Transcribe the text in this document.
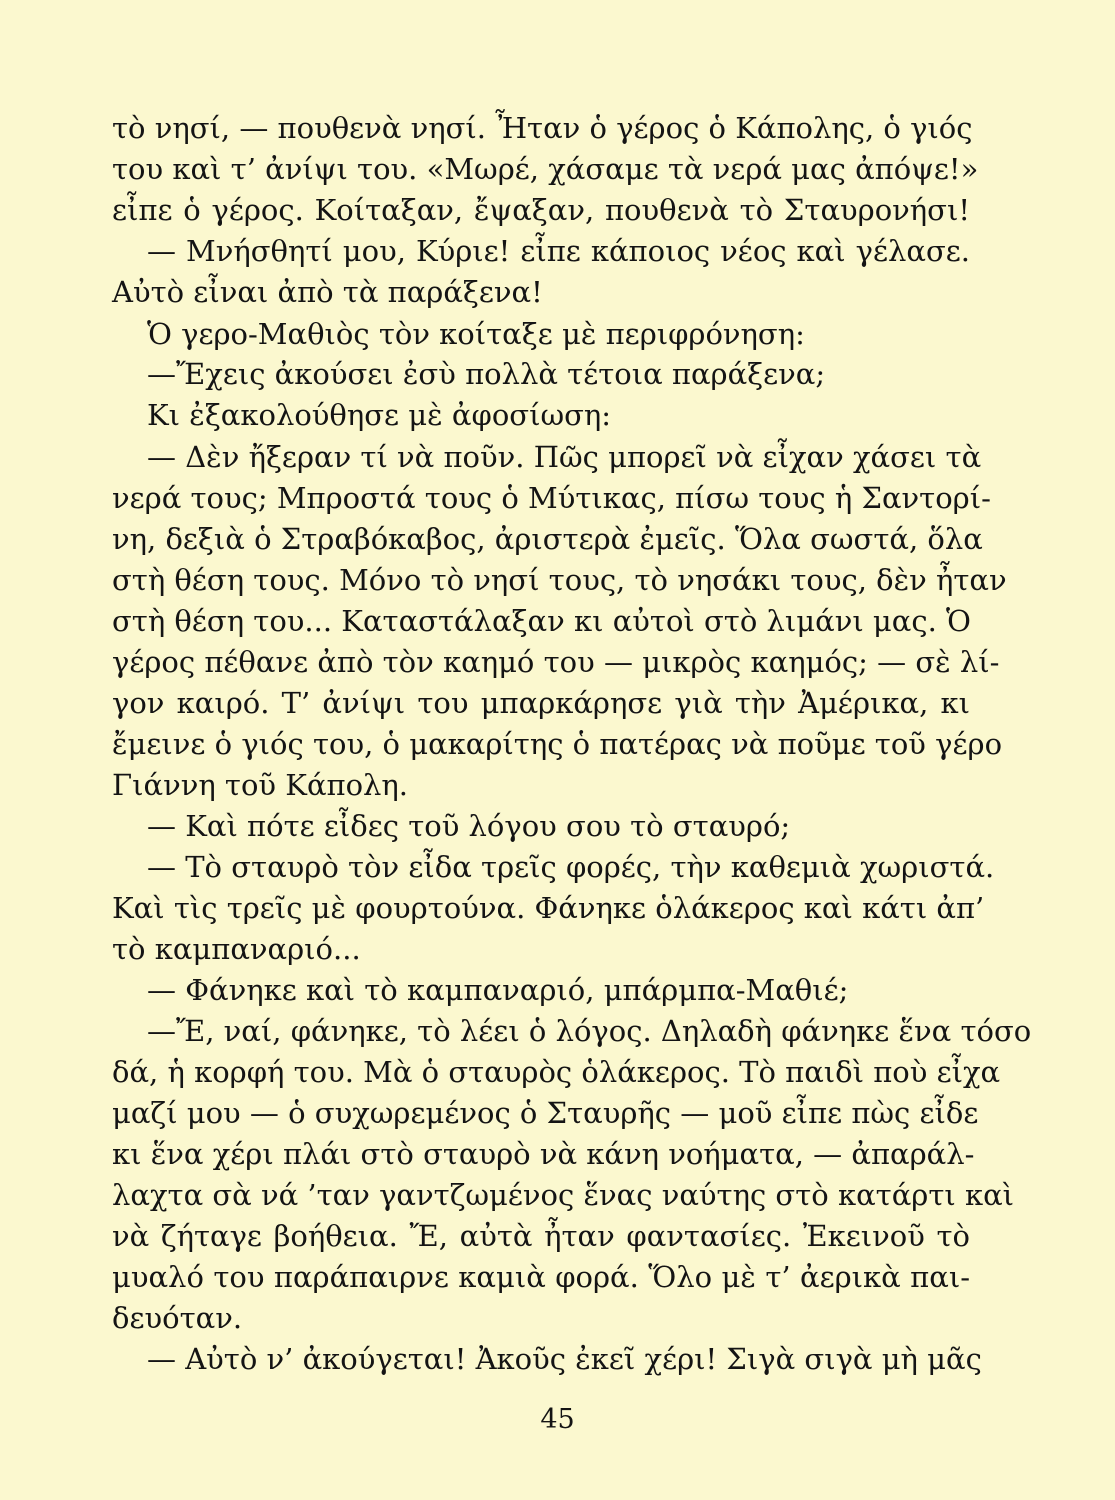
τὸ νησί, — πουθενὰ νησί. Ἦταν ὁ γέρος ὁ Κάπολης, ὁ γιός
του καὶ τ’ ἀνίψι του. «Μωρέ, χάσαμε τὰ νερά μας ἀπόψε!»
εἶπε ὁ γέρος. Κοίταξαν, ἔψαξαν, πουθενὰ τὸ Σταυρονήσι!
— Μνήσθητί μου, Κύριε! εἶπε κάποιος νέος καὶ γέλασε.
Αὐτὸ εἶναι ἀπὸ τὰ παράξενα!
Ὁ γερο-Μαθιὸς τὸν κοίταξε μὲ περιφρόνηση:
—Ἔχεις ἀκούσει ἐσὺ πολλὰ τέτοια παράξενα;
Κι ἐξακολούθησε μὲ ἀφοσίωση:
— Δὲν ἤξεραν τί νὰ ποῦν. Πῶς μπορεῖ νὰ εἶχαν χάσει τὰ
νερά τους; Μπροστά τους ὁ Μύτικας, πίσω τους ἡ Σαντορί-
νη, δεξιὰ ὁ Στραβόκαβος, ἀριστερὰ ἐμεῖς. Ὅλα σωστά, ὅλα
στὴ θέση τους. Μόνο τὸ νησί τους, τὸ νησάκι τους, δὲν ἦταν
στὴ θέση του... Καταστάλαξαν κι αὐτοὶ στὸ λιμάνι μας. Ὁ
γέρος πέθανε ἀπὸ τὸν καημό του — μικρὸς καημός; — σὲ λί-
γον καιρό. Τ’ ἀνίψι του μπαρκάρησε γιὰ τὴν Ἀμέρικα, κι
ἔμεινε ὁ γιός του, ὁ μακαρίτης ὁ πατέρας νὰ ποῦμε τοῦ γέρο
Γιάννη τοῦ Κάπολη.
— Καὶ πότε εἶδες τοῦ λόγου σου τὸ σταυρό;
— Τὸ σταυρὸ τὸν εἶδα τρεῖς φορές, τὴν καθεμιὰ χωριστά.
Καὶ τὶς τρεῖς μὲ φουρτούνα. Φάνηκε ὁλάκερος καὶ κάτι ἀπ’
τὸ καμπαναριό...
— Φάνηκε καὶ τὸ καμπαναριό, μπάρμπα-Μαθιέ;
—Ἔ, ναί, φάνηκε, τὸ λέει ὁ λόγος. Δηλαδὴ φάνηκε ἕνα τόσο
δά, ἡ κορφή του. Μὰ ὁ σταυρὸς ὁλάκερος. Τὸ παιδὶ ποὺ εἶχα
μαζί μου — ὁ συχωρεμένος ὁ Σταυρῆς — μοῦ εἶπε πὼς εἶδε
κι ἕνα χέρι πλάι στὸ σταυρὸ νὰ κάνη νοήματα, — ἀπαράλ-
λαχτα σὰ νά ’ταν γαντζωμένος ἕνας ναύτης στὸ κατάρτι καὶ
νὰ ζήταγε βοήθεια. Ἔ, αὐτὰ ἦταν φαντασίες. Ἐκεινοῦ τὸ
μυαλό του παράπαιρνε καμιὰ φορά. Ὅλο μὲ τ’ ἀερικὰ παι-
δευόταν.
— Αὐτὸ ν’ ἀκούγεται! Ἀκοῦς ἐκεῖ χέρι! Σιγὰ σιγὰ μὴ μᾶς
45
